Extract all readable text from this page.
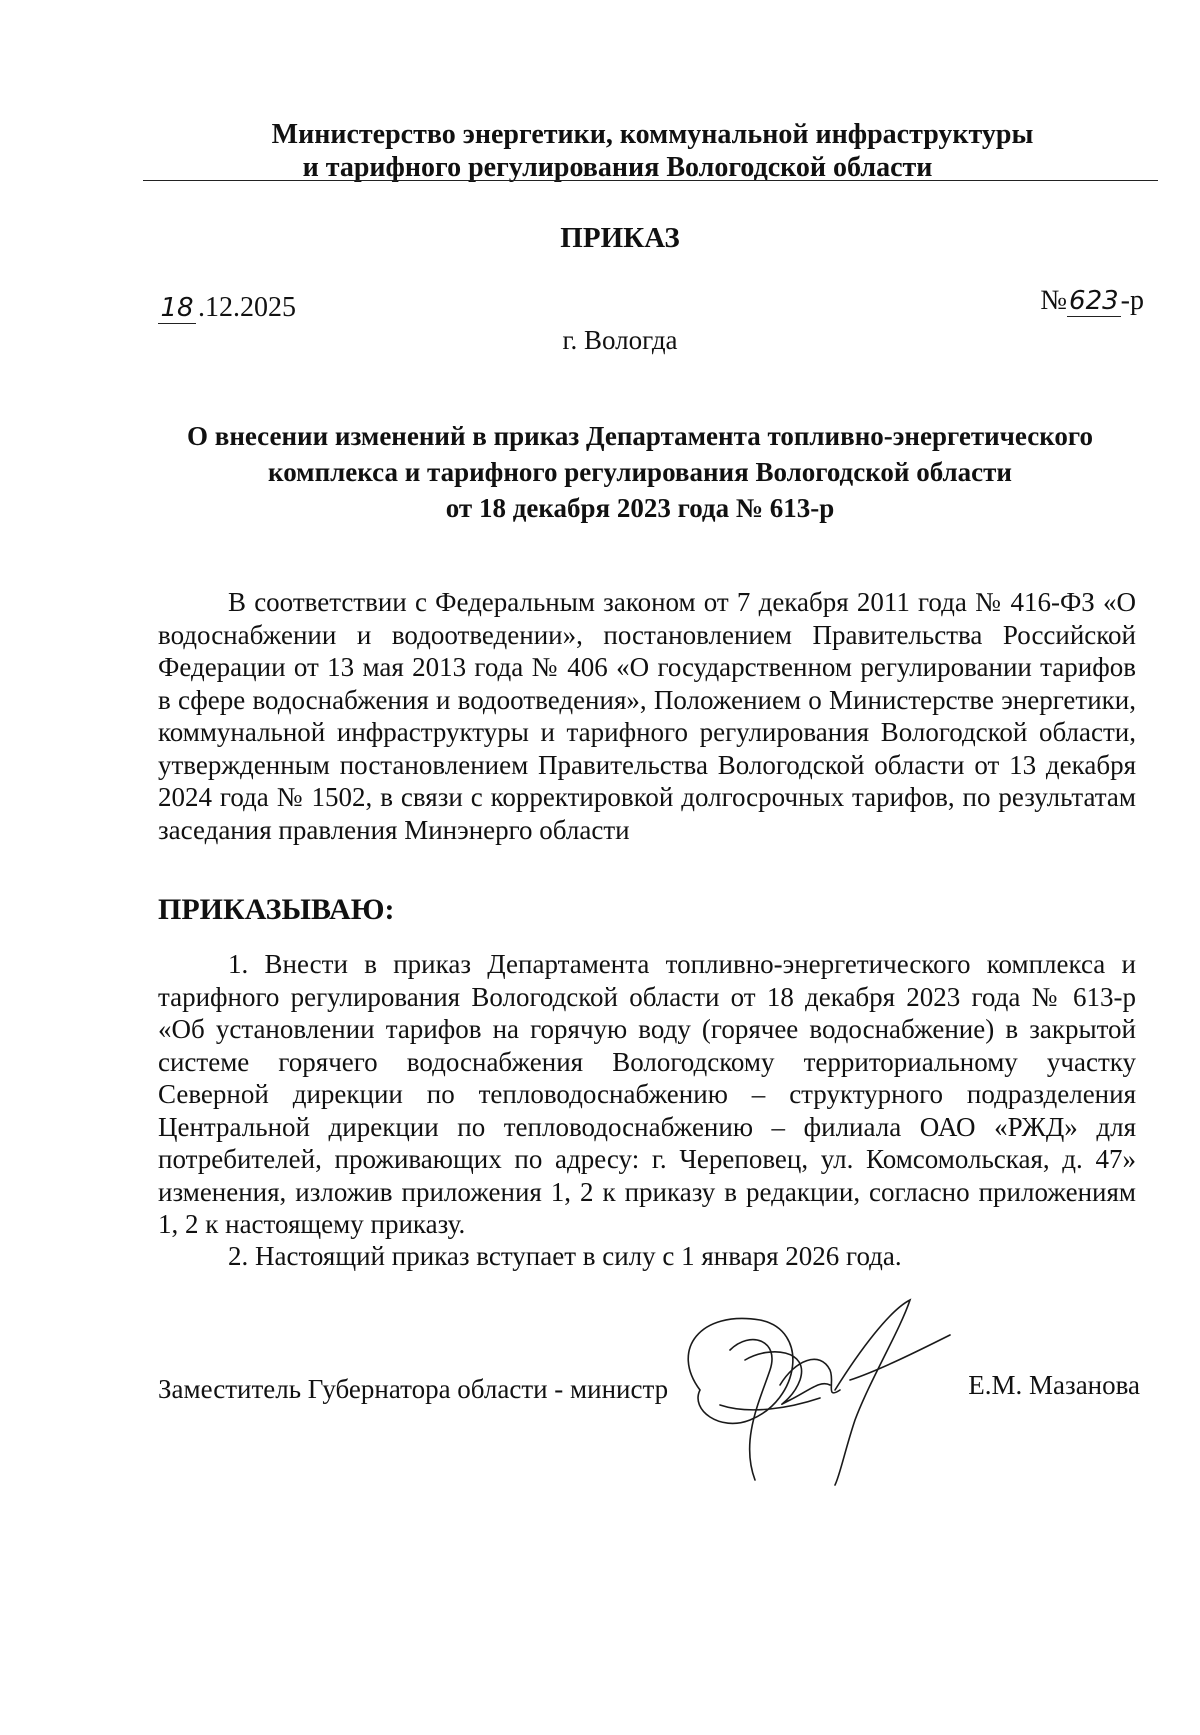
Министерство энергетики, коммунальной инфраструктуры
и тарифного регулирования Вологодской области
ПРИКАЗ
18 .12.2025	№623-р
г. Вологда
О внесении изменений в приказ Департамента топливно-энергетического
комплекса и тарифного регулирования Вологодской области
от 18 декабря 2023 года № 613-р
В соответствии с Федеральным законом от 7 декабря 2011 года № 416-ФЗ «О водоснабжении и водоотведении», постановлением Правительства Российской Федерации от 13 мая 2013 года № 406 «О государственном регулировании тарифов в сфере водоснабжения и водоотведения», Положением о Министерстве энергетики, коммунальной инфраструктуры и тарифного регулирования Вологодской области, утвержденным постановлением Правительства Вологодской области от 13 декабря 2024 года № 1502, в связи с корректировкой долгосрочных тарифов, по результатам заседания правления Минэнерго области
ПРИКАЗЫВАЮ:
1. Внести в приказ Департамента топливно-энергетического комплекса и тарифного регулирования Вологодской области от 18 декабря 2023 года № 613-р «Об установлении тарифов на горячую воду (горячее водоснабжение) в закрытой системе горячего водоснабжения Вологодскому территориальному участку Северной дирекции по тепловодоснабжению – структурного подразделения Центральной дирекции по тепловодоснабжению – филиала ОАО «РЖД» для потребителей, проживающих по адресу: г. Череповец, ул. Комсомольская, д. 47» изменения, изложив приложения 1, 2 к приказу в редакции, согласно приложениям 1, 2 к настоящему приказу.
2. Настоящий приказ вступает в силу с 1 января 2026 года.
Заместитель Губернатора области - министр	Е.М. Мазанова
